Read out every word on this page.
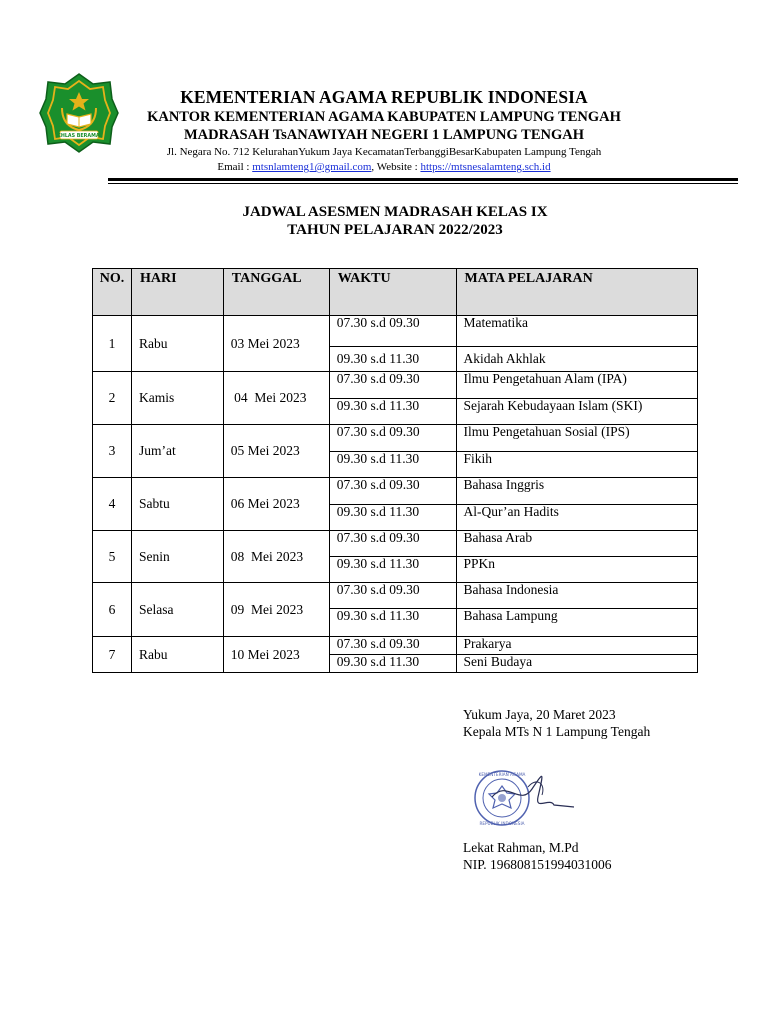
IKHLAS BERAMAL
KEMENTERIAN AGAMA REPUBLIK INDONESIA
KANTOR KEMENTERIAN AGAMA KABUPATEN LAMPUNG TENGAH
MADRASAH TsANAWIYAH NEGERI 1 LAMPUNG TENGAH
Jl. Negara No. 712 KelurahanYukum Jaya KecamatanTerbanggiBesarKabupaten Lampung Tengah
Email : mtsnlamteng1@gmail.com, Website : https://mtsnesalamteng.sch.id
JADWAL ASESMEN MADRASAH KELAS IX
TAHUN PELAJARAN 2022/2023
NO.	HARI	TANGGAL	WAKTU	MATA PELAJARAN
1	Rabu	03 Mei 2023	07.30 s.d 09.30	Matematika
			09.30 s.d 11.30	Akidah Akhlak
2	Kamis	04  Mei 2023	07.30 s.d 09.30	Ilmu Pengetahuan Alam (IPA)
			09.30 s.d 11.30	Sejarah Kebudayaan Islam (SKI)
3	Jum’at	05 Mei 2023	07.30 s.d 09.30	Ilmu Pengetahuan Sosial (IPS)
			09.30 s.d 11.30	Fikih
4	Sabtu	06 Mei 2023	07.30 s.d 09.30	Bahasa Inggris
			09.30 s.d 11.30	Al-Qur’an Hadits
5	Senin	08  Mei 2023	07.30 s.d 09.30	Bahasa Arab
			09.30 s.d 11.30	PPKn
6	Selasa	09  Mei 2023	07.30 s.d 09.30	Bahasa Indonesia
			09.30 s.d 11.30	Bahasa Lampung
7	Rabu	10 Mei 2023	07.30 s.d 09.30	Prakarya
			09.30 s.d 11.30	Seni Budaya
Yukum Jaya, 20 Maret 2023
Kepala MTs N 1 Lampung Tengah
KEMENTERIAN AGAMA
REPUBLIK INDONESIA
Lekat Rahman, M.Pd
NIP. 196808151994031006
